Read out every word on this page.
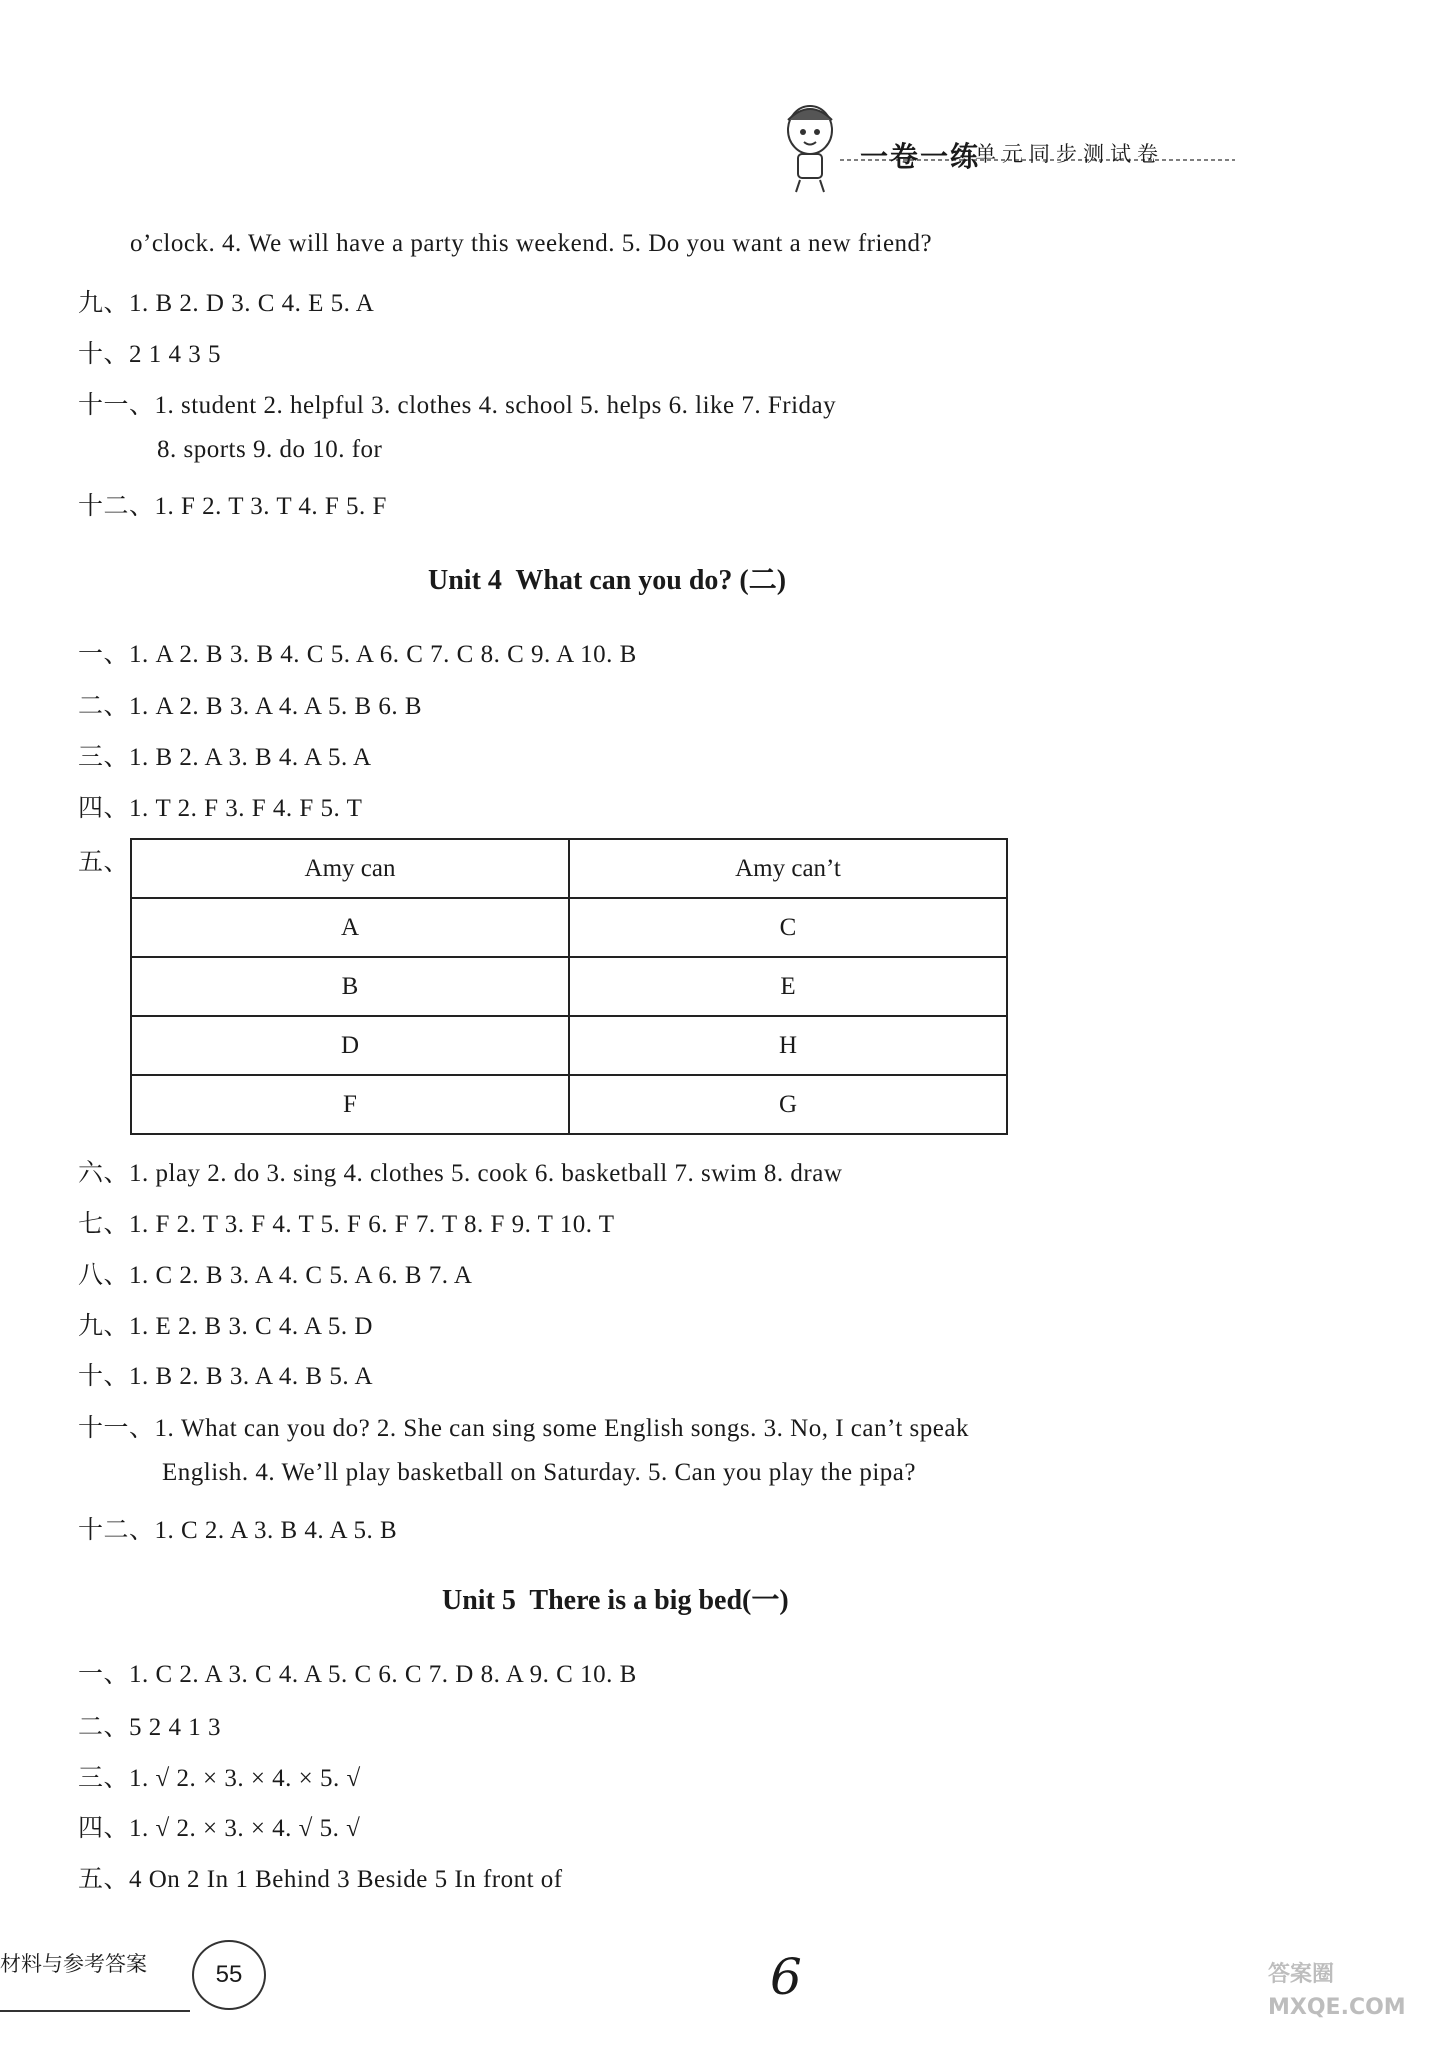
一卷一练
单元同步测试卷
o’clock. 4. We will have a party this weekend. 5. Do you want a new friend?
九、1. B 2. D 3. C 4. E 5. A
十、2 1 4 3 5
十一、1. student 2. helpful 3. clothes 4. school 5. helps 6. like 7. Friday
8. sports 9. do 10. for
十二、1. F 2. T 3. T 4. F 5. F
Unit 4  What can you do? (二)
一、1. A 2. B 3. B 4. C 5. A 6. C 7. C 8. C 9. A 10. B
二、1. A 2. B 3. A 4. A 5. B 6. B
三、1. B 2. A 3. B 4. A 5. A
四、1. T 2. F 3. F 4. F 5. T
五、	Amy can	Amy can’t
A	C
B	E
D	H
F	G
六、1. play 2. do 3. sing 4. clothes 5. cook 6. basketball 7. swim 8. draw
七、1. F 2. T 3. F 4. T 5. F 6. F 7. T 8. F 9. T 10. T
八、1. C 2. B 3. A 4. C 5. A 6. B 7. A
九、1. E 2. B 3. C 4. A 5. D
十、1. B 2. B 3. A 4. B 5. A
十一、1. What can you do? 2. She can sing some English songs. 3. No, I can’t speak
English. 4. We’ll play basketball on Saturday. 5. Can you play the pipa?
十二、1. C 2. A 3. B 4. A 5. B
Unit 5  There is a big bed(一)
一、1. C 2. A 3. C 4. A 5. C 6. C 7. D 8. A 9. C 10. B
二、5 2 4 1 3
三、1. √ 2. × 3. × 4. × 5. √
四、1. √ 2. × 3. × 4. √ 5. √
五、4 On 2 In 1 Behind 3 Beside 5 In front of
材料与参考答案	55	6	答案圈 MXQE.COM
